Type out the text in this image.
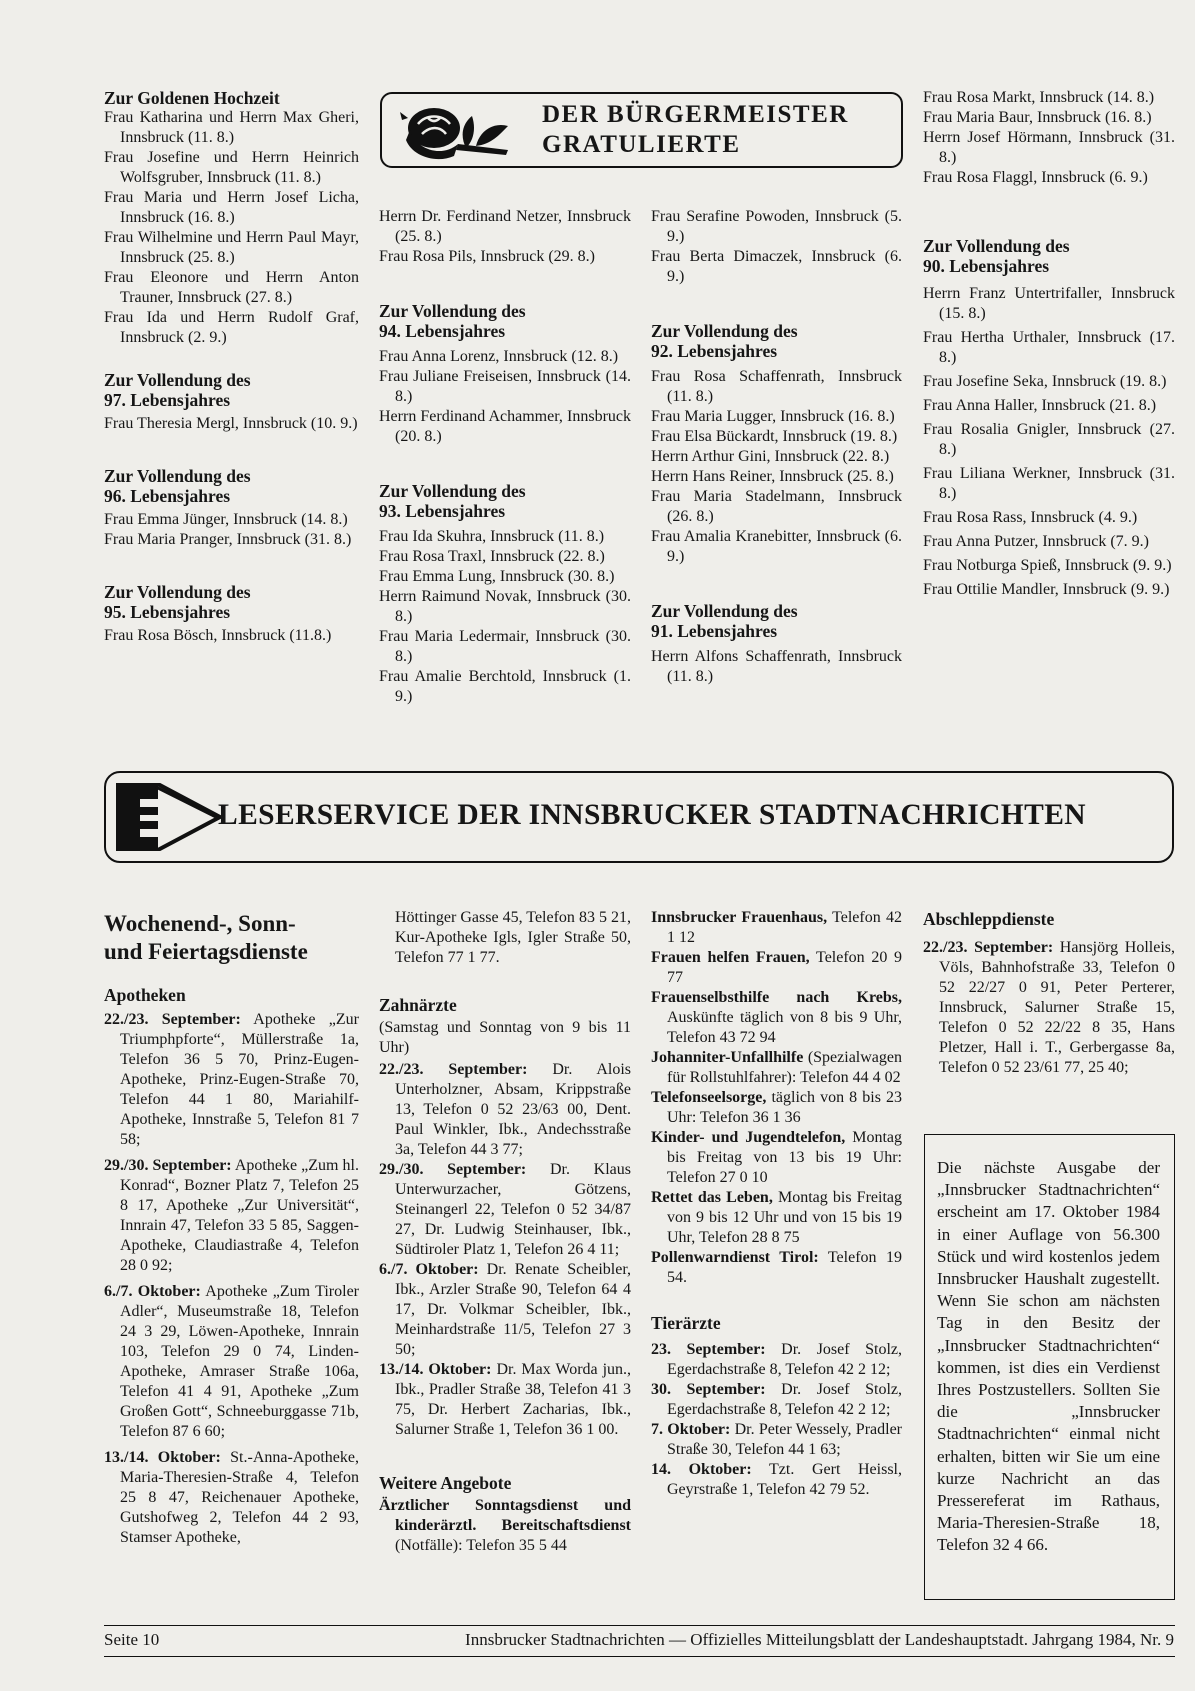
Zur Goldenen Hochzeit

Frau Katharina und Herrn Max Gheri, Innsbruck (11. 8.)

Frau Josefine und Herrn Heinrich Wolfsgruber, Innsbruck (11. 8.)

Frau Maria und Herrn Josef Licha, Innsbruck (16. 8.)

Frau Wilhelmine und Herrn Paul Mayr, Innsbruck (25. 8.)

Frau Eleonore und Herrn Anton Trauner, Innsbruck (27. 8.)

Frau Ida und Herrn Rudolf Graf, Innsbruck (2. 9.)

Zur Vollendung des

97. Lebensjahres

Frau Theresia Mergl, Innsbruck (10. 9.)

Zur Vollendung des

96. Lebensjahres

Frau Emma Jünger, Innsbruck (14. 8.)

Frau Maria Pranger, Innsbruck (31. 8.)

Zur Vollendung des

95. Lebensjahres

Frau Rosa Bösch, Innsbruck (11.8.)

DER BÜRGERMEISTER
GRATULIERTE

Herrn Dr. Ferdinand Netzer, Innsbruck (25. 8.)

Frau Rosa Pils, Innsbruck (29. 8.)

Zur Vollendung des

94. Lebensjahres

Frau Anna Lorenz, Innsbruck (12. 8.)

Frau Juliane Freiseisen, Innsbruck (14. 8.)

Herrn Ferdinand Achammer, Innsbruck (20. 8.)

Zur Vollendung des

93. Lebensjahres

Frau Ida Skuhra, Innsbruck (11. 8.)

Frau Rosa Traxl, Innsbruck (22. 8.)

Frau Emma Lung, Innsbruck (30. 8.)

Herrn Raimund Novak, Innsbruck (30. 8.)

Frau Maria Ledermair, Innsbruck (30. 8.)

Frau Amalie Berchtold, Innsbruck (1. 9.)

Frau Serafine Powoden, Innsbruck (5. 9.)

Frau Berta Dimaczek, Innsbruck (6. 9.)

Zur Vollendung des

92. Lebensjahres

Frau Rosa Schaffenrath, Innsbruck (11. 8.)

Frau Maria Lugger, Innsbruck (16. 8.)

Frau Elsa Bückardt, Innsbruck (19. 8.)

Herrn Arthur Gini, Innsbruck (22. 8.)

Herrn Hans Reiner, Innsbruck (25. 8.)

Frau Maria Stadelmann, Innsbruck (26. 8.)

Frau Amalia Kranebitter, Innsbruck (6. 9.)

Zur Vollendung des

91. Lebensjahres

Herrn Alfons Schaffenrath, Innsbruck (11. 8.)

Frau Rosa Markt, Innsbruck (14. 8.)

Frau Maria Baur, Innsbruck (16. 8.)

Herrn Josef Hörmann, Innsbruck (31. 8.)

Frau Rosa Flaggl, Innsbruck (6. 9.)

Zur Vollendung des

90. Lebensjahres

Herrn Franz Untertrifaller, Innsbruck (15. 8.)

Frau Hertha Urthaler, Innsbruck (17. 8.)

Frau Josefine Seka, Innsbruck (19. 8.)

Frau Anna Haller, Innsbruck (21. 8.)

Frau Rosalia Gnigler, Innsbruck (27. 8.)

Frau Liliana Werkner, Innsbruck (31. 8.)

Frau Rosa Rass, Innsbruck (4. 9.)

Frau Anna Putzer, Innsbruck (7. 9.)

Frau Notburga Spieß, Innsbruck (9. 9.)

Frau Ottilie Mandler, Innsbruck (9. 9.)

LESERSERVICE DER INNSBRUCKER STADTNACHRICHTEN

Wochenend-, Sonn-

und Feiertagsdienste

Apotheken

22./23. September: Apotheke „Zur Triumphpforte“, Müllerstraße 1a, Telefon 36 5 70, Prinz-Eugen-Apotheke, Prinz-Eugen-Straße 70, Telefon 44 1 80, Mariahilf-Apotheke, Innstraße 5, Telefon 81 7 58;

29./30. September: Apotheke „Zum hl. Konrad“, Bozner Platz 7, Telefon 25 8 17, Apotheke „Zur Universität“, Innrain 47, Telefon 33 5 85, Saggen-Apotheke, Claudiastraße 4, Telefon 28 0 92;

6./7. Oktober: Apotheke „Zum Tiroler Adler“, Museumstraße 18, Telefon 24 3 29, Löwen-Apotheke, Innrain 103, Telefon 29 0 74, Linden-Apotheke, Amraser Straße 106a, Telefon 41 4 91, Apotheke „Zum Großen Gott“, Schneeburggasse 71b, Telefon 87 6 60;

13./14. Oktober: St.-Anna-Apotheke, Maria-Theresien-Straße 4, Telefon 25 8 47, Reichenauer Apotheke, Gutshofweg 2, Telefon 44 2 93, Stamser Apotheke,

Höttinger Gasse 45, Telefon 83 5 21, Kur-Apotheke Igls, Igler Straße 50, Telefon 77 1 77.

Zahnärzte

(Samstag und Sonntag von 9 bis 11 Uhr)

22./23. September: Dr. Alois Unterholzner, Absam, Krippstraße 13, Telefon 0 52 23/63 00, Dent. Paul Winkler, Ibk., Andechsstraße 3a, Telefon 44 3 77;

29./30. September: Dr. Klaus Unterwurzacher, Götzens, Steinangerl 22, Telefon 0 52 34/87 27, Dr. Ludwig Steinhauser, Ibk., Südtiroler Platz 1, Telefon 26 4 11;

6./7. Oktober: Dr. Renate Scheibler, Ibk., Arzler Straße 90, Telefon 64 4 17, Dr. Volkmar Scheibler, Ibk., Meinhardstraße 11/5, Telefon 27 3 50;

13./14. Oktober: Dr. Max Worda jun., Ibk., Pradler Straße 38, Telefon 41 3 75, Dr. Herbert Zacharias, Ibk., Salurner Straße 1, Telefon 36 1 00.

Weitere Angebote

Ärztlicher Sonntagsdienst und kinderärztl. Bereitschaftsdienst (Notfälle): Telefon 35 5 44

Innsbrucker Frauenhaus, Telefon 42 1 12

Frauen helfen Frauen, Telefon 20 9 77

Frauenselbsthilfe nach Krebs, Auskünfte täglich von 8 bis 9 Uhr, Telefon 43 72 94

Johanniter-Unfallhilfe (Spezialwagen für Rollstuhlfahrer): Telefon 44 4 02

Telefonseelsorge, täglich von 8 bis 23 Uhr: Telefon 36 1 36

Kinder- und Jugendtelefon, Montag bis Freitag von 13 bis 19 Uhr: Telefon 27 0 10

Rettet das Leben, Montag bis Freitag von 9 bis 12 Uhr und von 15 bis 19 Uhr, Telefon 28 8 75

Pollenwarndienst Tirol: Telefon 19 54.

Tierärzte

23. September: Dr. Josef Stolz, Egerdachstraße 8, Telefon 42 2 12;

30. September: Dr. Josef Stolz, Egerdachstraße 8, Telefon 42 2 12;

7. Oktober: Dr. Peter Wessely, Pradler Straße 30, Telefon 44 1 63;

14. Oktober: Tzt. Gert Heissl, Geyrstraße 1, Telefon 42 79 52.

Abschleppdienste

22./23. September: Hansjörg Holleis, Völs, Bahnhofstraße 33, Telefon 0 52 22/27 0 91, Peter Perterer, Innsbruck, Salurner Straße 15, Telefon 0 52 22/22 8 35, Hans Pletzer, Hall i. T., Gerbergasse 8a, Telefon 0 52 23/61 77, 25 40;

Die nächste Ausgabe der „Innsbrucker Stadtnachrichten“ erscheint am 17. Oktober 1984 in einer Auflage von 56.300 Stück und wird kostenlos jedem Innsbrucker Haushalt zugestellt. Wenn Sie schon am nächsten Tag in den Besitz der „Innsbrucker Stadtnachrichten“ kommen, ist dies ein Verdienst Ihres Postzustellers. Sollten Sie die „Innsbrucker Stadtnachrichten“ einmal nicht erhalten, bitten wir Sie um eine kurze Nachricht an das Pressereferat im Rathaus, Maria-Theresien-Straße 18, Telefon 32 4 66.
Seite 10	Innsbrucker Stadtnachrichten — Offizielles Mitteilungsblatt der Landeshauptstadt. Jahrgang 1984, Nr. 9
